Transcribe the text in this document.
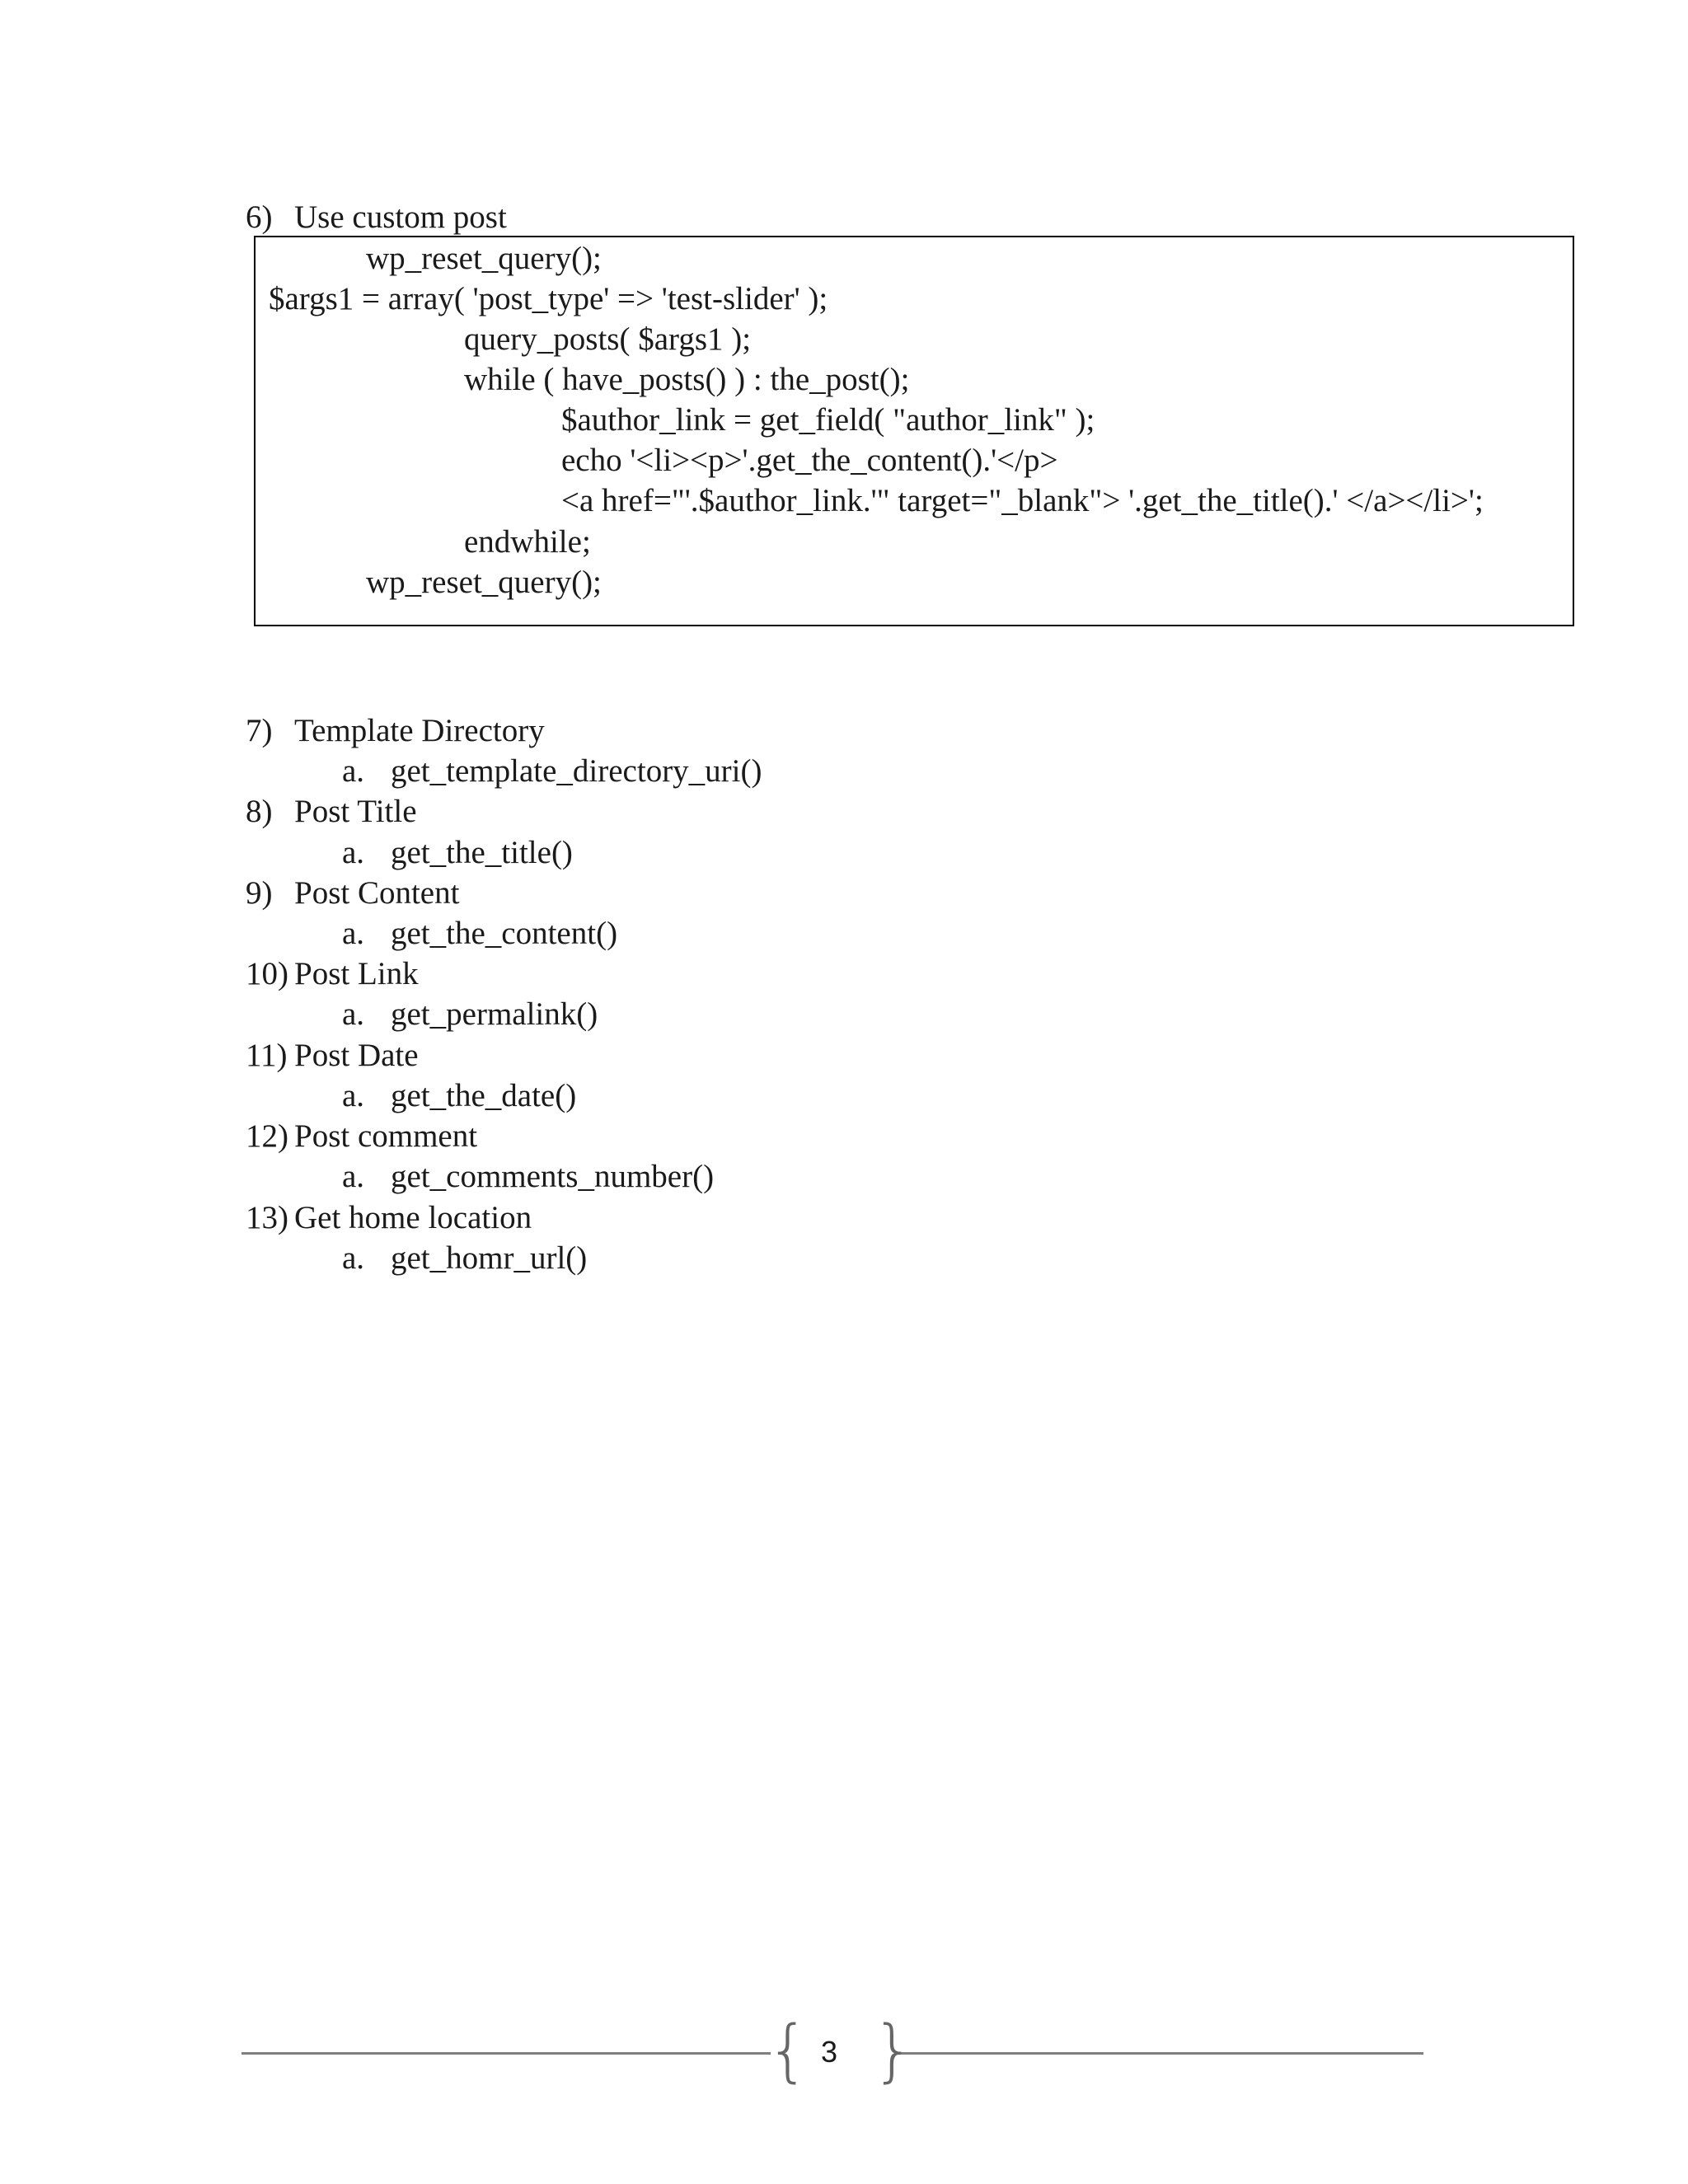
6) Use custom post
wp_reset_query();
$args1 = array( 'post_type' => 'test-slider' );
query_posts( $args1 );
while ( have_posts() ) : the_post();
$author_link = get_field( "author_link" );
echo '<li><p>'.get_the_content().'</p>
<a href="'.$author_link.'" target="_blank"> '.get_the_title().' </a></li>';
endwhile;
wp_reset_query();
7) Template Directory
a. get_template_directory_uri()
8) Post Title
a. get_the_title()
9) Post Content
a. get_the_content()
10) Post Link
a. get_permalink()
11) Post Date
a. get_the_date()
12) Post comment
a. get_comments_number()
13) Get home location
a. get_homr_url()
{ }
3
